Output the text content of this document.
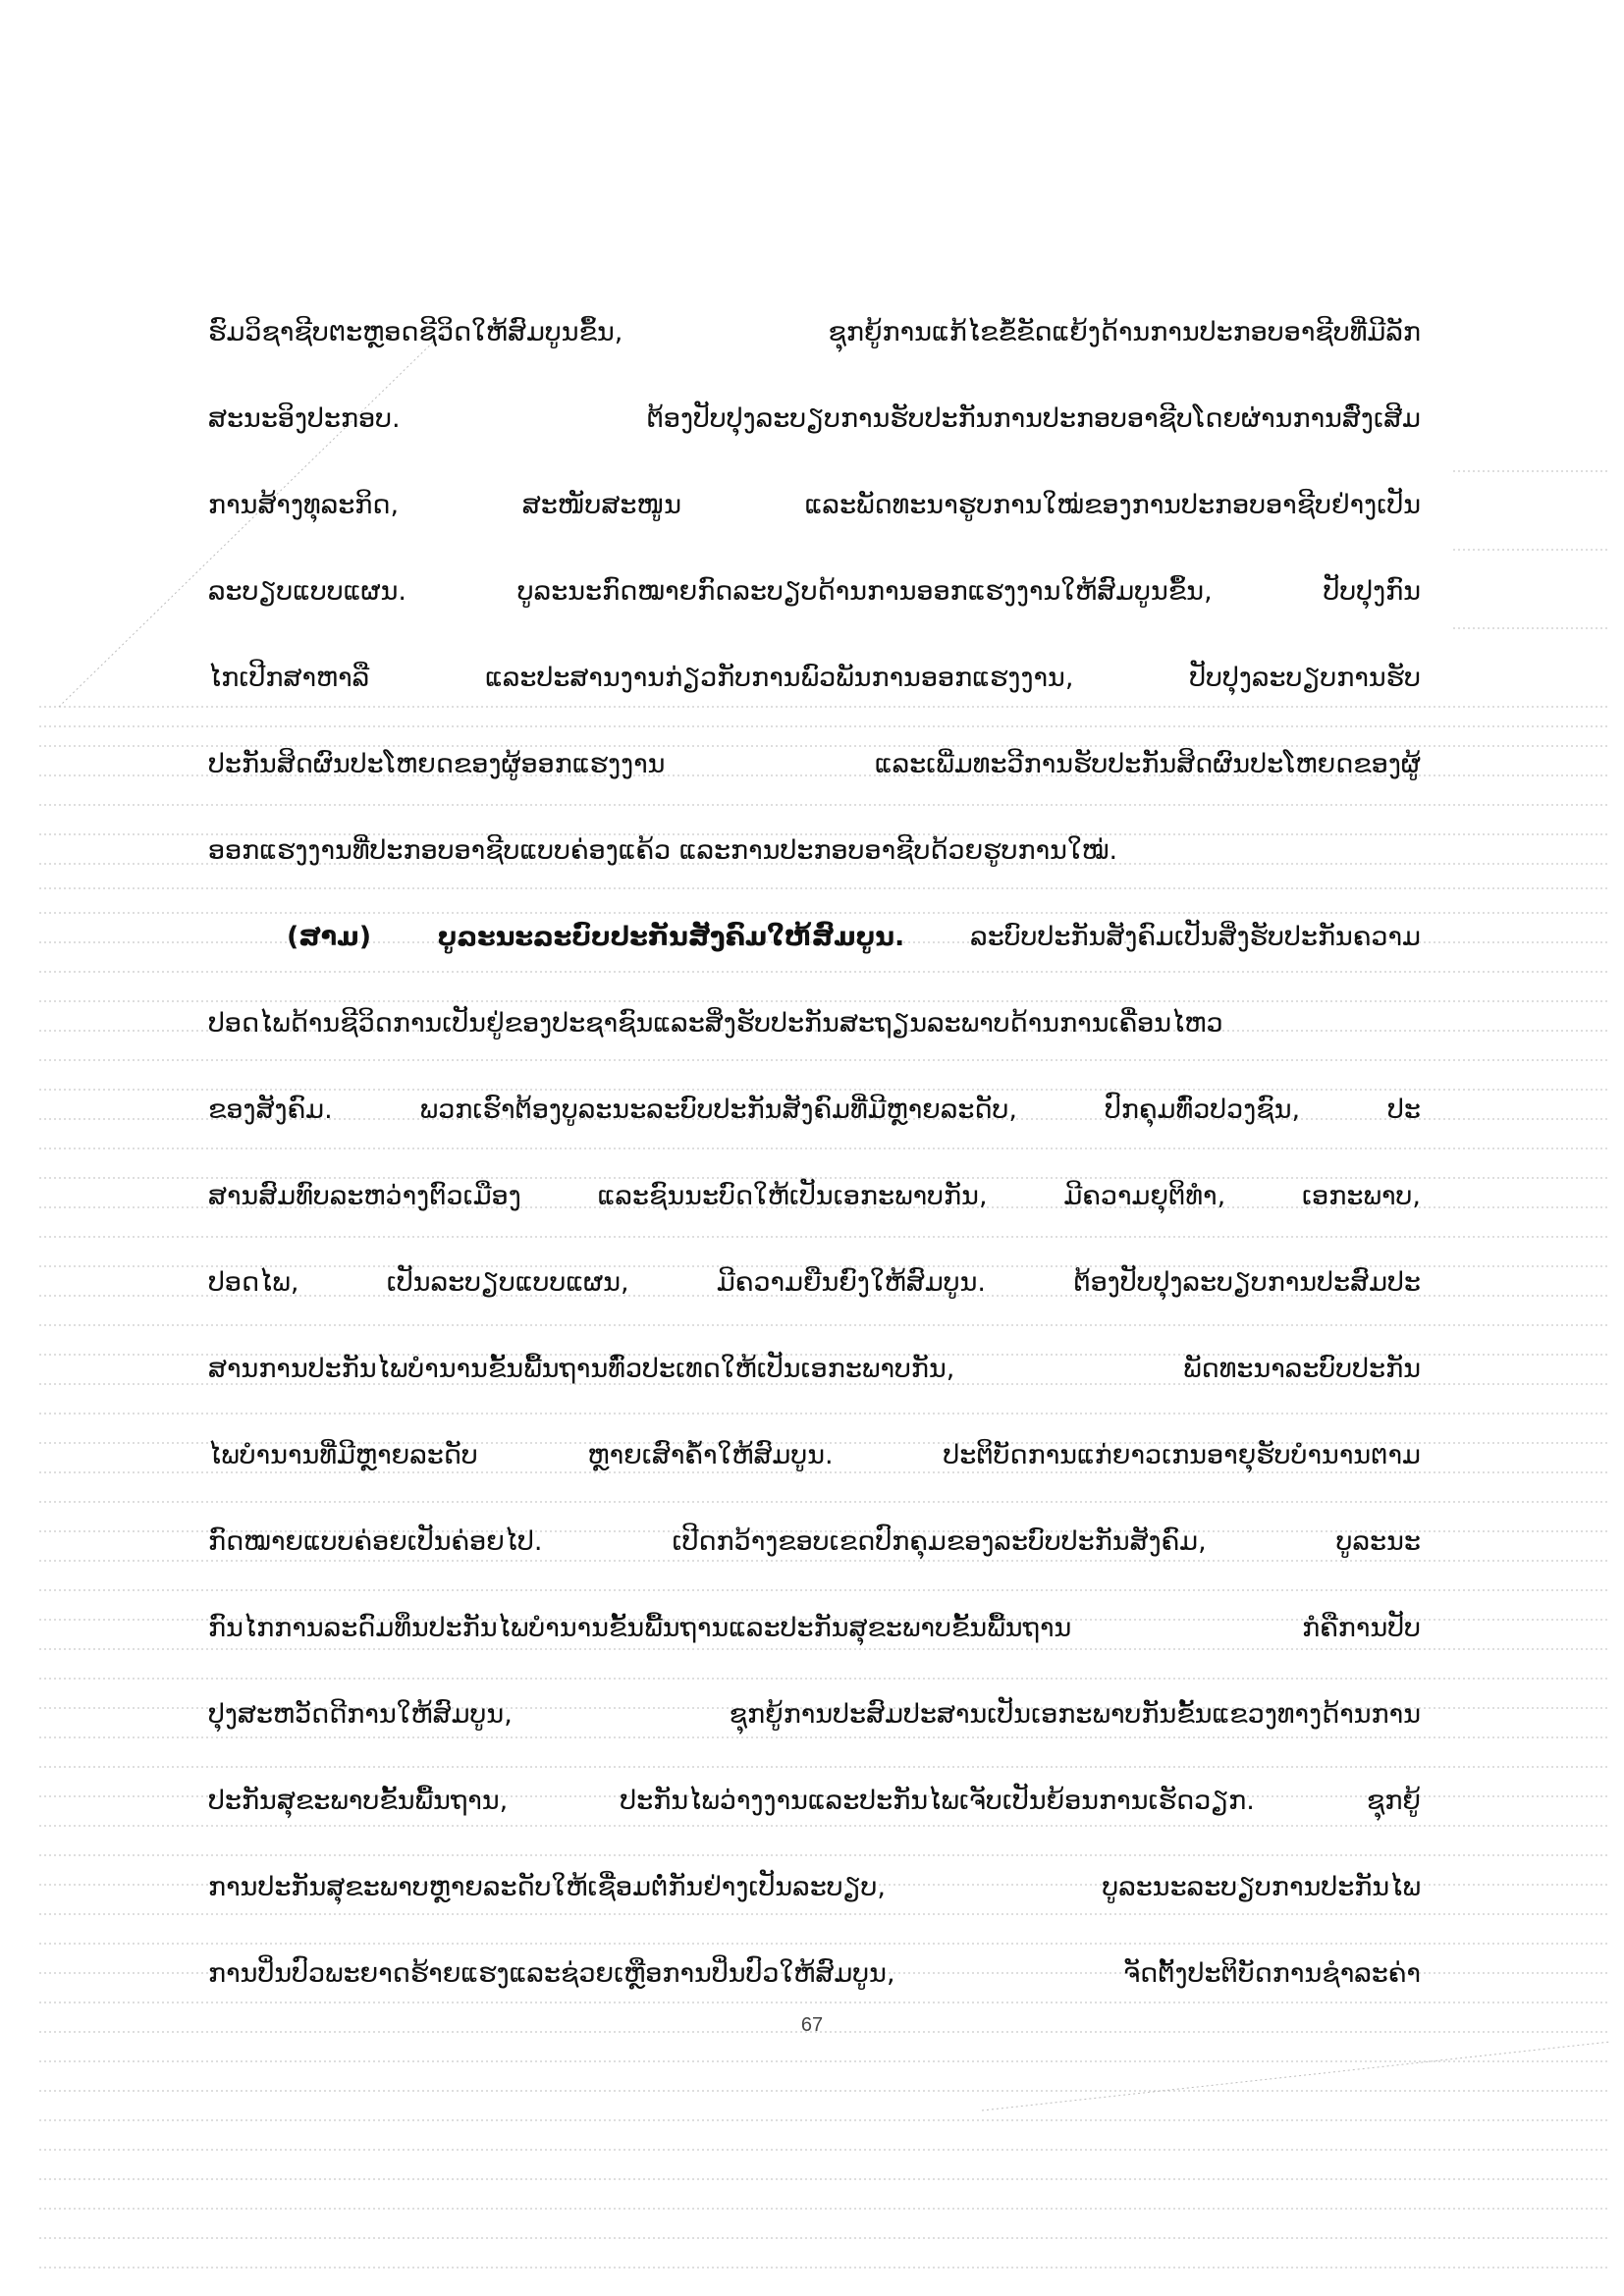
ຮົມວິຊາຊີບຕະຫຼອດຊີວິດໃຫ້ສົມບູນຂຶ້ນ, ຊຸກຍູ້ການແກ້ໄຂຂໍ້ຂັດແຍ້ງດ້ານການປະກອບອາຊີບທີ່ມີລັກ
ສະນະອິງປະກອບ. ຕ້ອງປັບປຸງລະບຽບການຮັບປະກັນການປະກອບອາຊີບໂດຍຜ່ານການສົ່ງເສີມ
ການສ້າງທຸລະກິດ, ສະໜັບສະໜູນ ແລະພັດທະນາຮູບການໃໝ່ຂອງການປະກອບອາຊີບຢ່າງເປັນ
ລະບຽບແບບແຜນ. ບູລະນະກົດໝາຍກົດລະບຽບດ້ານການອອກແຮງງານໃຫ້ສົມບູນຂຶ້ນ, ປັບປຸງກົນ
ໄກເປີກສາຫາລື ແລະປະສານງານກ່ຽວກັບການພົວພັນການອອກແຮງງານ, ປັບປຸງລະບຽບການຮັບ
ປະກັນສິດຜົນປະໂຫຍດຂອງຜູ້ອອກແຮງງານ ແລະເພີ່ມທະວີການຮັບປະກັນສິດຜົນປະໂຫຍດຂອງຜູ້
ອອກແຮງງານທີ່ປະກອບອາຊີບແບບຄ່ອງແຄ້ວ ແລະການປະກອບອາຊີບດ້ວຍຮູບການໃໝ່.
(ສາມ) ບູລະນະລະບົບປະກັນສັງຄົມໃຫ້ສົມບູນ. ລະບົບປະກັນສັງຄົມເປັນສິ່ງຮັບປະກັນຄວາມ
ປອດໄພດ້ານຊີວິດການເປັນຢູ່ຂອງປະຊາຊົນແລະສິ່ງຮັບປະກັນສະຖຽນລະພາບດ້ານການເຄື່ອນໄຫວ
ຂອງສັງຄົມ. ພວກເຮົາຕ້ອງບູລະນະລະບົບປະກັນສັງຄົມທີ່ມີຫຼາຍລະດັບ, ປົກຄຸມທົ່ວປວງຊົນ, ປະ
ສານສົມທົບລະຫວ່າງຕົວເມືອງ ແລະຊົນນະບົດໃຫ້ເປັນເອກະພາບກັນ, ມີຄວາມຍຸຕິທຳ, ເອກະພາບ,
ປອດໄພ, ເປັນລະບຽບແບບແຜນ, ມີຄວາມຍືນຍົງໃຫ້ສົມບູນ. ຕ້ອງປັບປຸງລະບຽບການປະສົມປະ
ສານການປະກັນໄພບຳນານຂັ້ນພື້ນຖານທົ່ວປະເທດໃຫ້ເປັນເອກະພາບກັນ, ພັດທະນາລະບົບປະກັນ
ໄພບຳນານທີ່ມີຫຼາຍລະດັບ ຫຼາຍເສົາຄ້ຳໃຫ້ສົມບູນ. ປະຕິບັດການແກ່ຍາວເກນອາຍຸຮັບບຳນານຕາມ
ກົດໝາຍແບບຄ່ອຍເປັນຄ່ອຍໄປ. ເປີດກວ້າງຂອບເຂດປົກຄຸມຂອງລະບົບປະກັນສັງຄົມ, ບູລະນະ
ກົນໄກການລະດົມທຶນປະກັນໄພບຳນານຂັ້ນພື້ນຖານແລະປະກັນສຸຂະພາບຂັ້ນພື້ນຖານ ກໍຄືການປັບ
ປຸງສະຫວັດດີການໃຫ້ສົມບູນ, ຊຸກຍູ້ການປະສົມປະສານເປັນເອກະພາບກັນຂັ້ນແຂວງທາງດ້ານການ
ປະກັນສຸຂະພາບຂັ້ນພື້ນຖານ, ປະກັນໄພວ່າງງານແລະປະກັນໄພເຈັບເປັນຍ້ອນການເຮັດວຽກ. ຊຸກຍູ້
ການປະກັນສຸຂະພາບຫຼາຍລະດັບໃຫ້ເຊື່ອມຕໍ່ກັນຢ່າງເປັນລະບຽບ, ບູລະນະລະບຽບການປະກັນໄພ
ການປິ່ນປົວພະຍາດຮ້າຍແຮງແລະຊ່ວຍເຫຼືອການປິ່ນປົວໃຫ້ສົມບູນ, ຈັດຕັ້ງປະຕິບັດການຊຳລະຄ່າ
67
